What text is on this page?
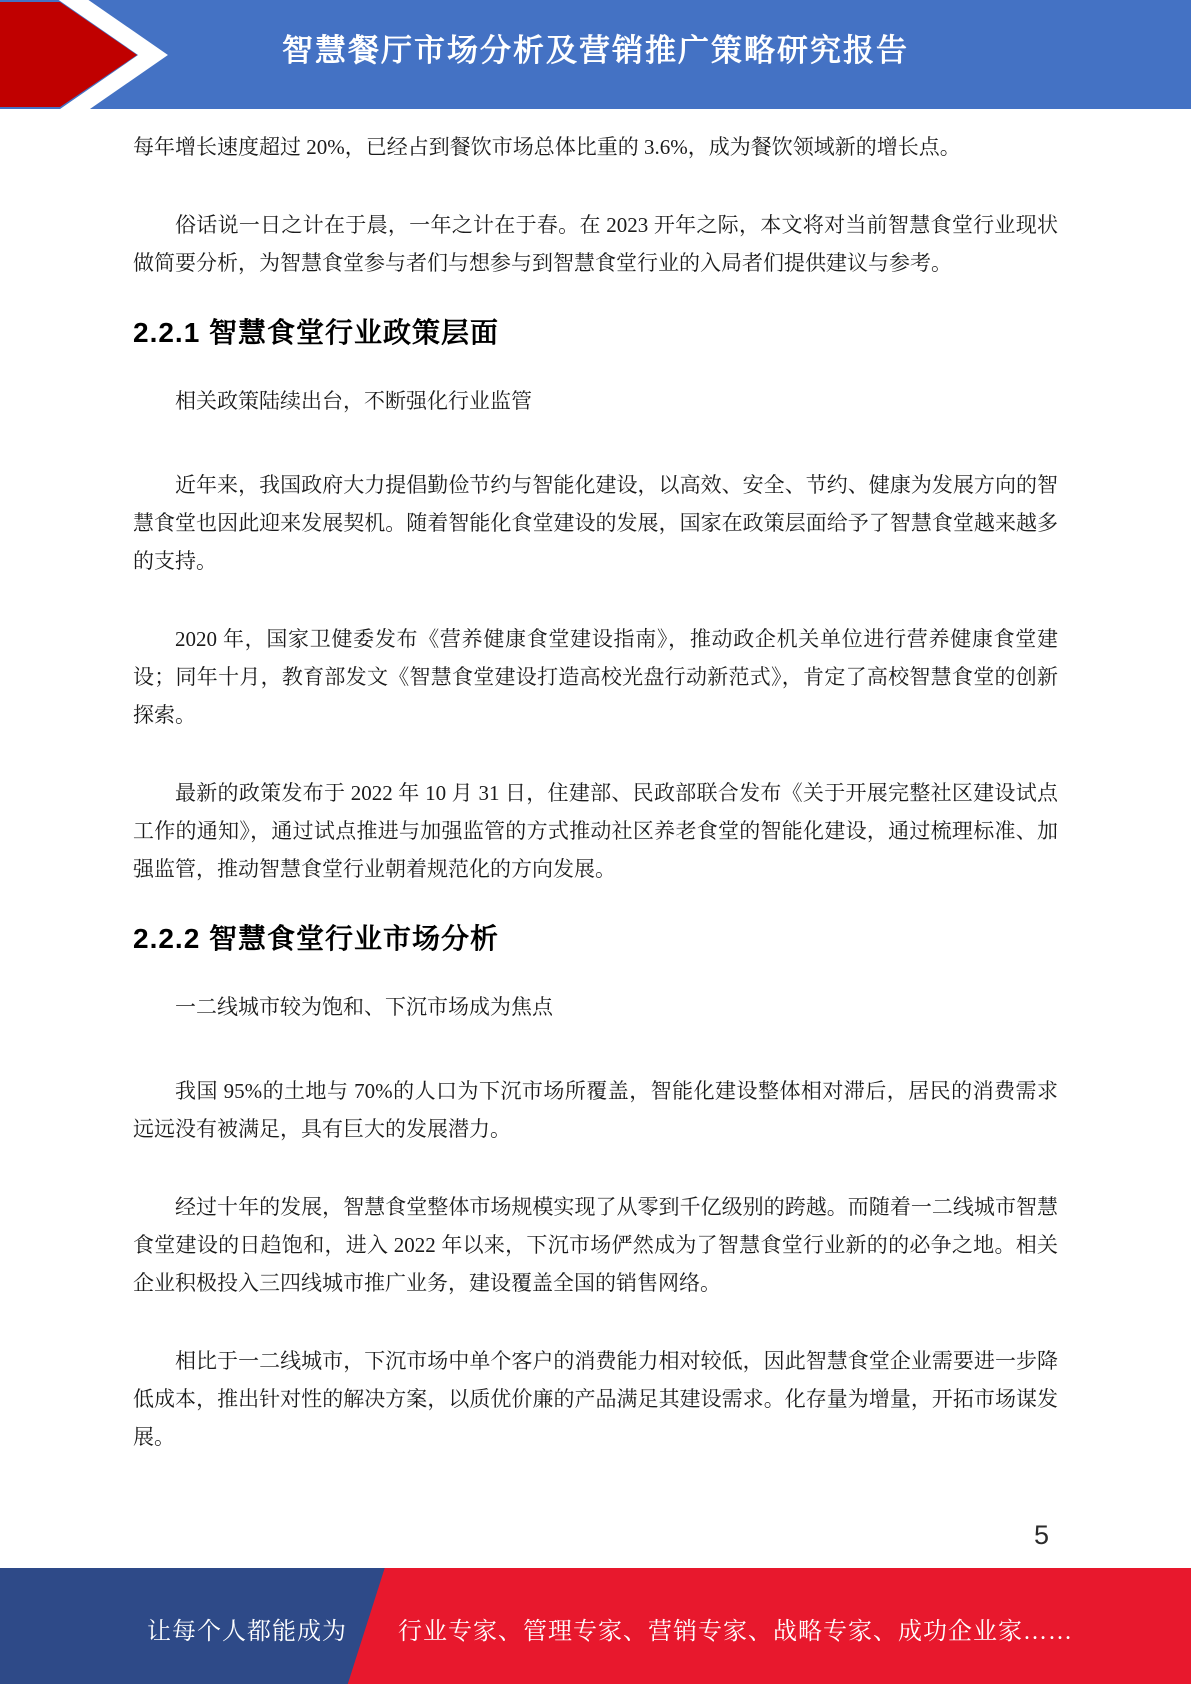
智慧餐厅市场分析及营销推广策略研究报告

每年增长速度超过 20%，已经占到餐饮市场总体比重的 3.6%，成为餐饮领域新的增长点。

俗话说一日之计在于晨，一年之计在于春。在 2023 开年之际，本文将对当前智慧食堂行业现状做简要分析，为智慧食堂参与者们与想参与到智慧食堂行业的入局者们提供建议与参考。

2.2.1 智慧食堂行业政策层面

相关政策陆续出台，不断强化行业监管

近年来，我国政府大力提倡勤俭节约与智能化建设，以高效、安全、节约、健康为发展方向的智慧食堂也因此迎来发展契机。随着智能化食堂建设的发展，国家在政策层面给予了智慧食堂越来越多的支持。

2020 年，国家卫健委发布《营养健康食堂建设指南》，推动政企机关单位进行营养健康食堂建设；同年十月，教育部发文《智慧食堂建设打造高校光盘行动新范式》，肯定了高校智慧食堂的创新探索。

最新的政策发布于 2022 年 10 月 31 日，住建部、民政部联合发布《关于开展完整社区建设试点工作的通知》，通过试点推进与加强监管的方式推动社区养老食堂的智能化建设，通过梳理标准、加强监管，推动智慧食堂行业朝着规范化的方向发展。

2.2.2 智慧食堂行业市场分析

一二线城市较为饱和、下沉市场成为焦点

我国 95%的土地与 70%的人口为下沉市场所覆盖，智能化建设整体相对滞后，居民的消费需求远远没有被满足，具有巨大的发展潜力。

经过十年的发展，智慧食堂整体市场规模实现了从零到千亿级别的跨越。而随着一二线城市智慧食堂建设的日趋饱和，进入 2022 年以来，下沉市场俨然成为了智慧食堂行业新的的必争之地。相关企业积极投入三四线城市推广业务，建设覆盖全国的销售网络。

相比于一二线城市，下沉市场中单个客户的消费能力相对较低，因此智慧食堂企业需要进一步降低成本，推出针对性的解决方案，以质优价廉的产品满足其建设需求。化存量为增量，开拓市场谋发展。

5
让每个人都能成为 行业专家、管理专家、营销专家、战略专家、成功企业家……
